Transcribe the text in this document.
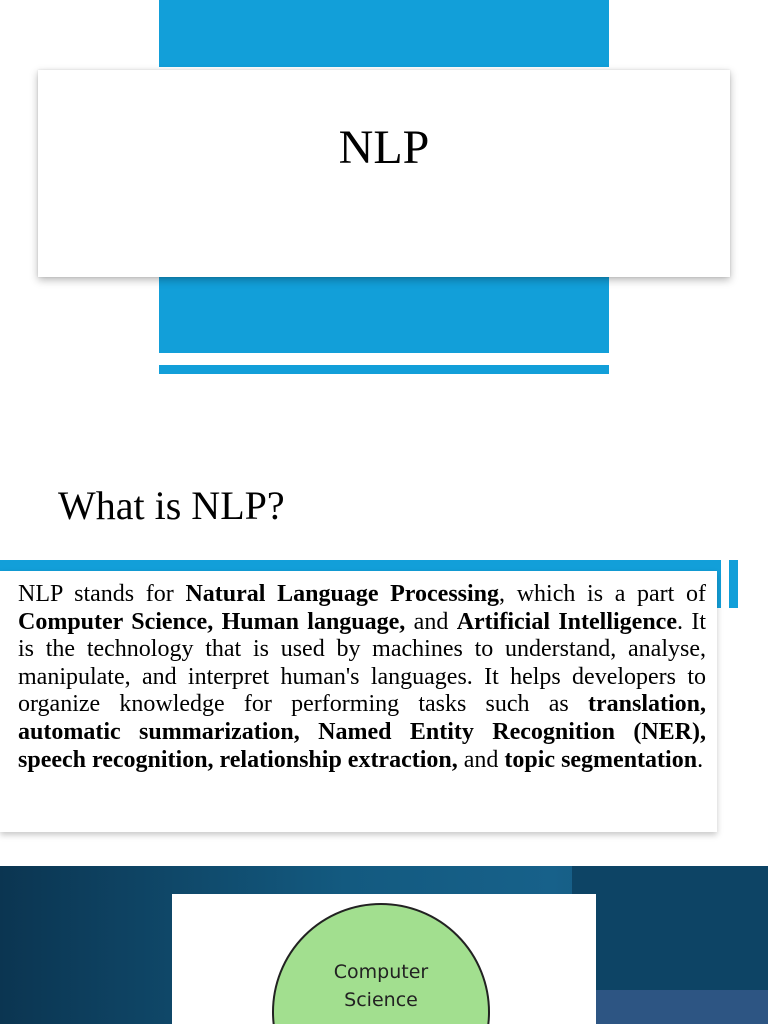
NLP
What is NLP?

NLP stands for Natural Language Processing, which is a part of Computer Science, Human language, and Artificial Intelligence. It is the technology that is used by machines to understand, analyse, manipulate, and interpret human's languages. It helps developers to organize knowledge for performing tasks such as translation, automatic summarization, Named Entity Recognition (NER), speech recognition, relationship extraction, and topic segmentation.

Computer
Science
